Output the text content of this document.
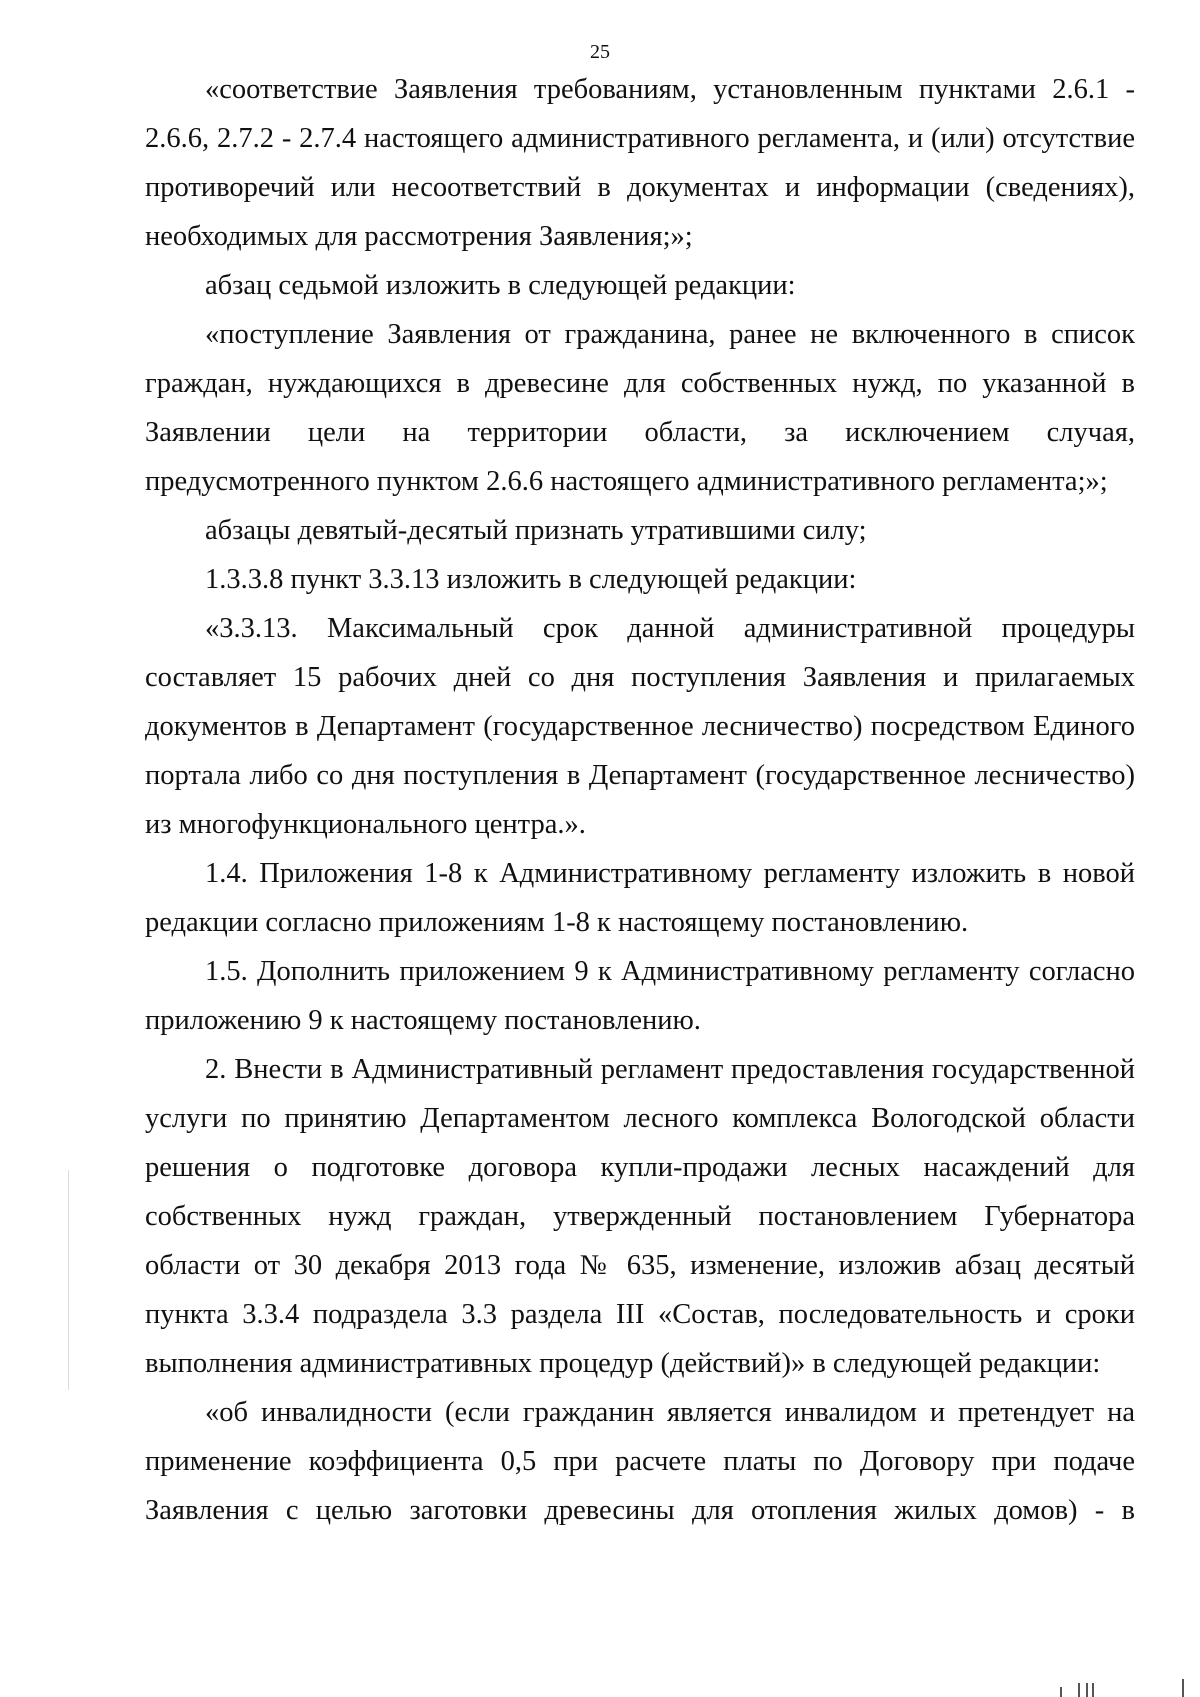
25

«соответствие Заявления требованиям, установленным пунктами 2.6.1 - 2.6.6, 2.7.2 - 2.7.4 настоящего административного регламента, и (или) отсутствие противоречий или несоответствий в документах и информации (сведениях), необходимых для рассмотрения Заявления;»;

абзац седьмой изложить в следующей редакции:

«поступление Заявления от гражданина, ранее не включенного в список граждан, нуждающихся в древесине для собственных нужд, по указанной в Заявлении цели на территории области, за исключением случая, предусмотренного пунктом 2.6.6 настоящего административного регламента;»;

абзацы девятый-десятый признать утратившими силу;

1.3.3.8 пункт 3.3.13 изложить в следующей редакции:

«3.3.13. Максимальный срок данной административной процедуры составляет 15 рабочих дней со дня поступления Заявления и прилагаемых документов в Департамент (государственное лесничество) посредством Единого портала либо со дня поступления в Департамент (государственное лесничество) из многофункционального центра.».

1.4. Приложения 1-8 к Административному регламенту изложить в новой редакции согласно приложениям 1-8 к настоящему постановлению.

1.5. Дополнить приложением 9 к Административному регламенту согласно приложению 9 к настоящему постановлению.

2. Внести в Административный регламент предоставления государственной услуги по принятию Департаментом лесного комплекса Вологодской области решения о подготовке договора купли-продажи лесных насаждений для собственных нужд граждан, утвержденный постановлением Губернатора области от 30 декабря 2013 года № 635, изменение, изложив абзац десятый пункта 3.3.4 подраздела 3.3 раздела III «Состав, последовательность и сроки выполнения административных процедур (действий)» в следующей редакции:

«об инвалидности (если гражданин является инвалидом и претендует на применение коэффициента 0,5 при расчете платы по Договору при подаче Заявления с целью заготовки древесины для отопления жилых домов) - в
